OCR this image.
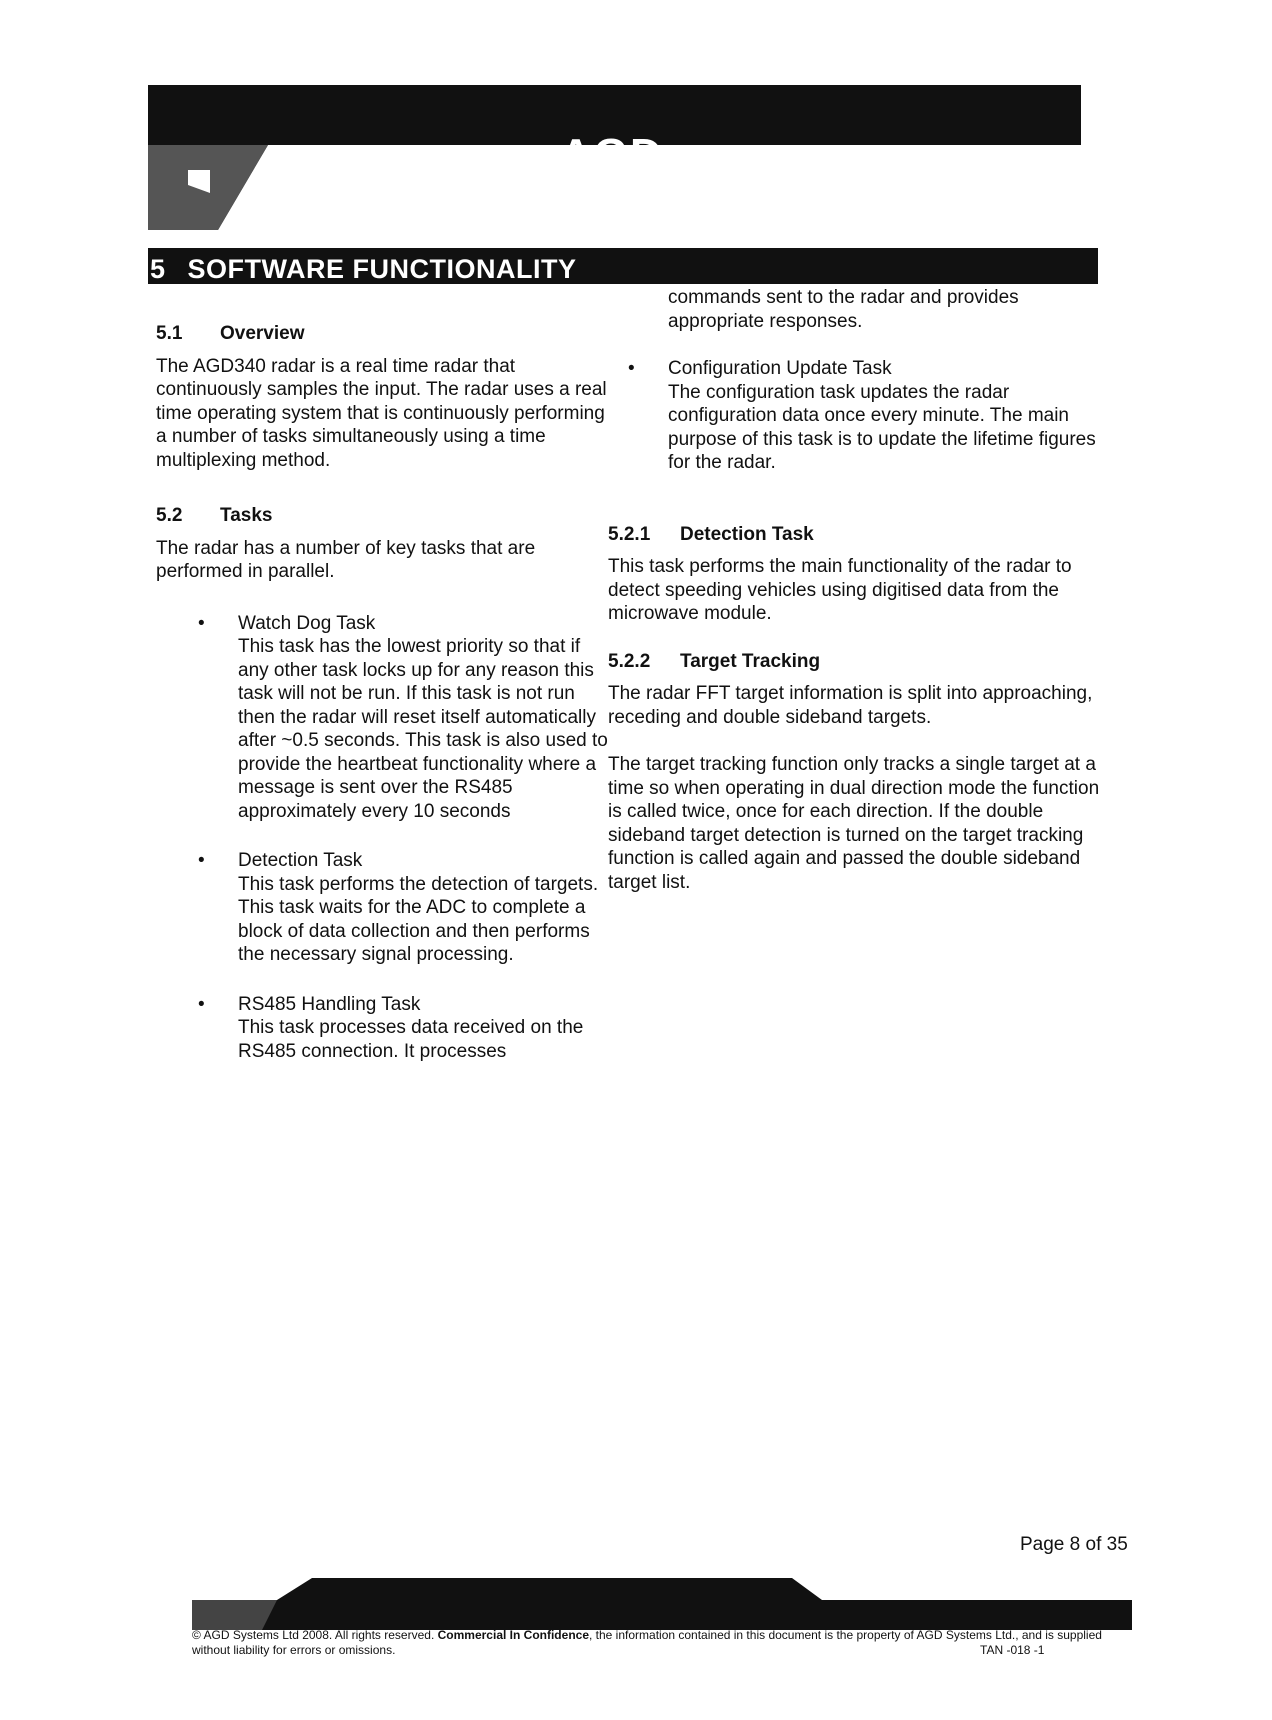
AGD
5 SOFTWARE FUNCTIONALITY
5.1 Overview

The AGD340 radar is a real time radar that continuously samples the input. The radar uses a real time operating system that is continuously performing a number of tasks simultaneously using a time multiplexing method.

5.2 Tasks

The radar has a number of key tasks that are performed in parallel.

• Watch Dog Task
This task has the lowest priority so that if any other task locks up for any reason this task will not be run. If this task is not run then the radar will reset itself automatically after ~0.5 seconds. This task is also used to provide the heartbeat functionality where a message is sent over the RS485 approximately every 10 seconds
• Detection Task
This task performs the detection of targets. This task waits for the ADC to complete a block of data collection and then performs the necessary signal processing.
• RS485 Handling Task
This task processes data received on the RS485 connection. It processes
commands sent to the radar and provides appropriate responses.
• Configuration Update Task
The configuration task updates the radar configuration data once every minute. The main purpose of this task is to update the lifetime figures for the radar.
5.2.1 Detection Task

This task performs the main functionality of the radar to detect speeding vehicles using digitised data from the microwave module.

5.2.2 Target Tracking

The radar FFT target information is split into approaching, receding and double sideband targets.

The target tracking function only tracks a single target at a time so when operating in dual direction mode the function is called twice, once for each direction. If the double sideband target detection is turned on the target tracking function is called again and passed the double sideband target list.

Page 8 of 35
© AGD Systems Ltd 2008. All rights reserved. Commercial In Confidence, the information contained in this document is the property of AGD Systems Ltd., and is supplied without liability for errors or omissions.	TAN -018 -1
